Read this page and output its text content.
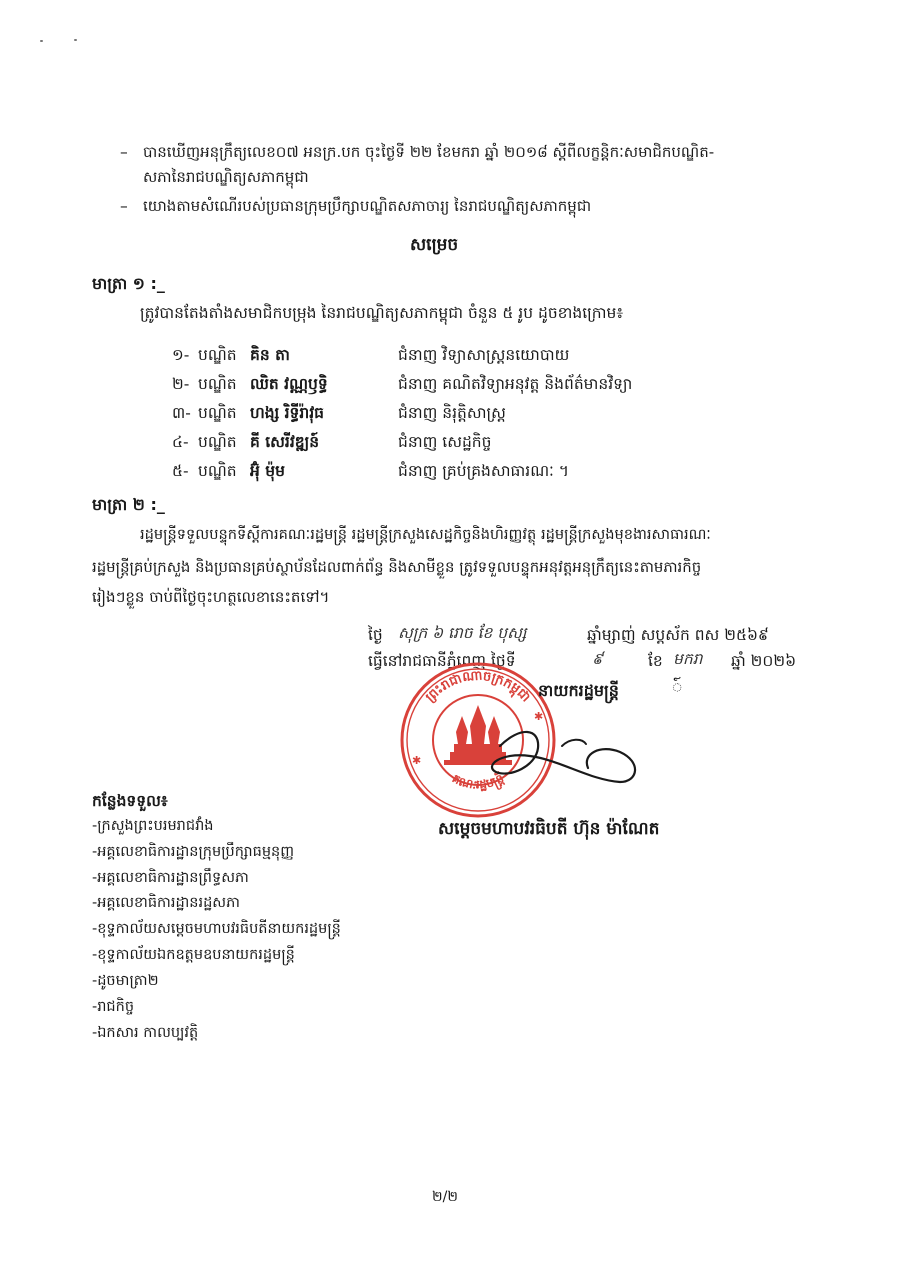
– បានឃើញអនុក្រឹត្យលេខ០៧ អនក្រ.បក ចុះថ្ងៃទី ២២ ខែមករា ឆ្នាំ ២០១៨ ស្ដីពីលក្ខន្តិកៈសមាជិកបណ្ឌិត-
សភានៃរាជបណ្ឌិត្យសភាកម្ពុជា
– យោងតាមសំណើរបស់ប្រធានក្រុមប្រឹក្សាបណ្ឌិតសភាចារ្យ នៃរាជបណ្ឌិត្យសភាកម្ពុជា
សម្រេច
មាត្រា ១ :_
ត្រូវបានតែងតាំងសមាជិកបម្រុង នៃរាជបណ្ឌិត្យសភាកម្ពុជា ចំនួន ៥ រូប ដូចខាងក្រោម៖
១- បណ្ឌិត គិន តា	ជំនាញ វិទ្យាសាស្ត្រនយោបាយ
២- បណ្ឌិត ឈិត វណ្ណឫទ្ធិ	ជំនាញ គណិតវិទ្យាអនុវត្ត និងព័ត៌មានវិទ្យា
៣- បណ្ឌិត ហង្ស រិទ្ធីរ៉ាវុធ	ជំនាញ និរុត្តិសាស្ត្រ
៤- បណ្ឌិត គី សេរីវឌ្ឍន៍	ជំនាញ សេដ្ឋកិច្ច
៥- បណ្ឌិត អ៊ុំ ម៉ុម	ជំនាញ គ្រប់គ្រងសាធារណៈ ។
មាត្រា ២ :_
រដ្ឋមន្ត្រីទទួលបន្ទុកទីស្ដីការគណៈរដ្ឋមន្ត្រី រដ្ឋមន្ត្រីក្រសួងសេដ្ឋកិច្ចនិងហិរញ្ញវត្ថុ រដ្ឋមន្ត្រីក្រសួងមុខងារសាធារណៈ
រដ្ឋមន្ត្រីគ្រប់ក្រសួង និងប្រធានគ្រប់ស្ថាប័នដែលពាក់ព័ន្ធ និងសាមីខ្លួន ត្រូវទទួលបន្ទុកអនុវត្តអនុក្រឹត្យនេះតាមភារកិច្ច
រៀងៗខ្លួន ចាប់ពីថ្ងៃចុះហត្ថលេខានេះតទៅ។
ថ្ងៃ សុក្រ ៦ រោច ខែ បុស្ស	ឆ្នាំម្សាញ់ សប្តស័ក ពស ២៥៦៩
ធ្វើនៅរាជធានីភ្នំពេញ ថ្ងៃទី	៩	ខែ មករា ឆ្នាំ ២០២៦
ព្រះរាជាណាចក្រកម្ពុជា
គណៈរដ្ឋមន្ត្រី
✱
✱
នាយករដ្ឋមន្ត្រី	៍
សម្ដេចមហាបវរធិបតី ហ៊ុន ម៉ាណែត
កន្លែងទទួល៖
-ក្រសួងព្រះបរមរាជវាំង
-អគ្គលេខាធិការដ្ឋានក្រុមប្រឹក្សាធម្មនុញ្ញ
-អគ្គលេខាធិការដ្ឋានព្រឹទ្ធសភា
-អគ្គលេខាធិការដ្ឋានរដ្ឋសភា
-ខុទ្ទកាល័យសម្ដេចមហាបវរធិបតីនាយករដ្ឋមន្ត្រី
-ខុទ្ទកាល័យឯកឧត្ដមឧបនាយករដ្ឋមន្ត្រី
-ដូចមាត្រា២
-រាជកិច្ច
-ឯកសារ កាលប្បវត្តិ
២/២
